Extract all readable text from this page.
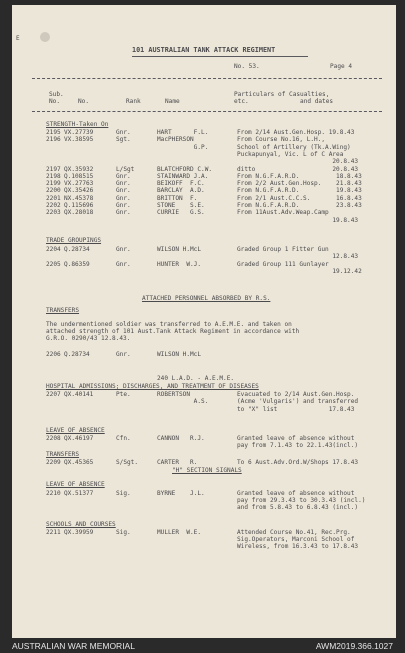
E
101 AUSTRALIAN TANK ATTACK REGIMENT
No. 53.	Page 4
Sub.
No.	No.	Rank	Name
Particulars of Casualties,
etc.              and dates
STRENGTH-Taken On
2195 VX.27739	Gnr.	HART      F.L.	From 2/14 Aust.Gen.Hosp. 19.8.43
2196 VX.38595	Sgt.	MacPHERSON	From Course No.16, L.H.,
G.P.	School of Artillery (Tk.A.Wing)
Puckapunyal, Vic. L of C Area
20.8.43
2197 QX.35932	L/Sgt	BLATCHFORD C.W.	ditto                     20.8.43
2198 Q.108515	Gnr.	STAINWARD J.A.	From N.G.F.A.R.D.          18.8.43
2199 VX.27763	Gnr.	BEIKOFF  F.C.	From 2/2 Aust.Gen.Hosp.    21.8.43
2200 QX.35426	Gnr.	BARCLAY  A.D.	From N.G.F.A.R.D.          19.8.43
2201 NX.45378	Gnr.	BRITTON  F.	From 2/1 Aust.C.C.S.       16.8.43
2202 Q.115696	Gnr.	STONE    S.E.	From N.G.F.A.R.D.          23.8.43
2203 QX.28018	Gnr.	CURRIE   G.S.	From 11Aust.Adv.Weap.Camp
19.8.43
TRADE GROUPINGS
2204 Q.28734	Gnr.	WILSON H.McL	Graded Group 1 Fitter Gun
12.8.43
2205 Q.86359	Gnr.	HUNTER  W.J.	Graded Group 111 Gunlayer
19.12.42
ATTACHED PERSONNEL ABSORBED BY R.S.
TRANSFERS
The undermentioned soldier was transferred to A.E.M.E. and taken on
attached strength of 101 Aust.Tank Attack Regiment in accordance with
G.R.O. 0290/43 12.8.43.
2206 Q.28734	Gnr.	WILSON H.McL
240 L.A.D. - A.E.M.E.
HOSPITAL ADMISSIONS; DISCHARGES, AND TREATMENT OF DISEASES
2207 QX.40141	Pte.	ROBERTSON	Evacuated to 2/14 Aust.Gen.Hosp.
A.S.	(Acme 'Vulgaris') and transferred
to "X" list              17.8.43
LEAVE OF ABSENCE
2208 QX.46197	Cfn.	CANNON   R.J.	Granted leave of absence without
pay from 7.1.43 to 22.1.43(incl.)
TRANSFERS
2209 QX.45365	S/Sgt.	CARTER   R.	To 6 Aust.Adv.Ord.W/Shops 17.8.43
"H" SECTION SIGNALS
LEAVE OF ABSENCE
2210 QX.51377	Sig.	BYRNE    J.L.	Granted leave of absence without
pay from 29.3.43 to 30.3.43 (incl.)
and from 5.8.43 to 6.8.43 (incl.)
SCHOOLS AND COURSES
2211 QX.39959	Sig.	MULLER  W.E.	Attended Course No.41, Rec.Prg.
Sig.Operators, Marconi School of
Wireless, from 16.3.43 to 17.8.43
AUSTRALIAN WAR MEMORIAL	AWM2019.366.1027
